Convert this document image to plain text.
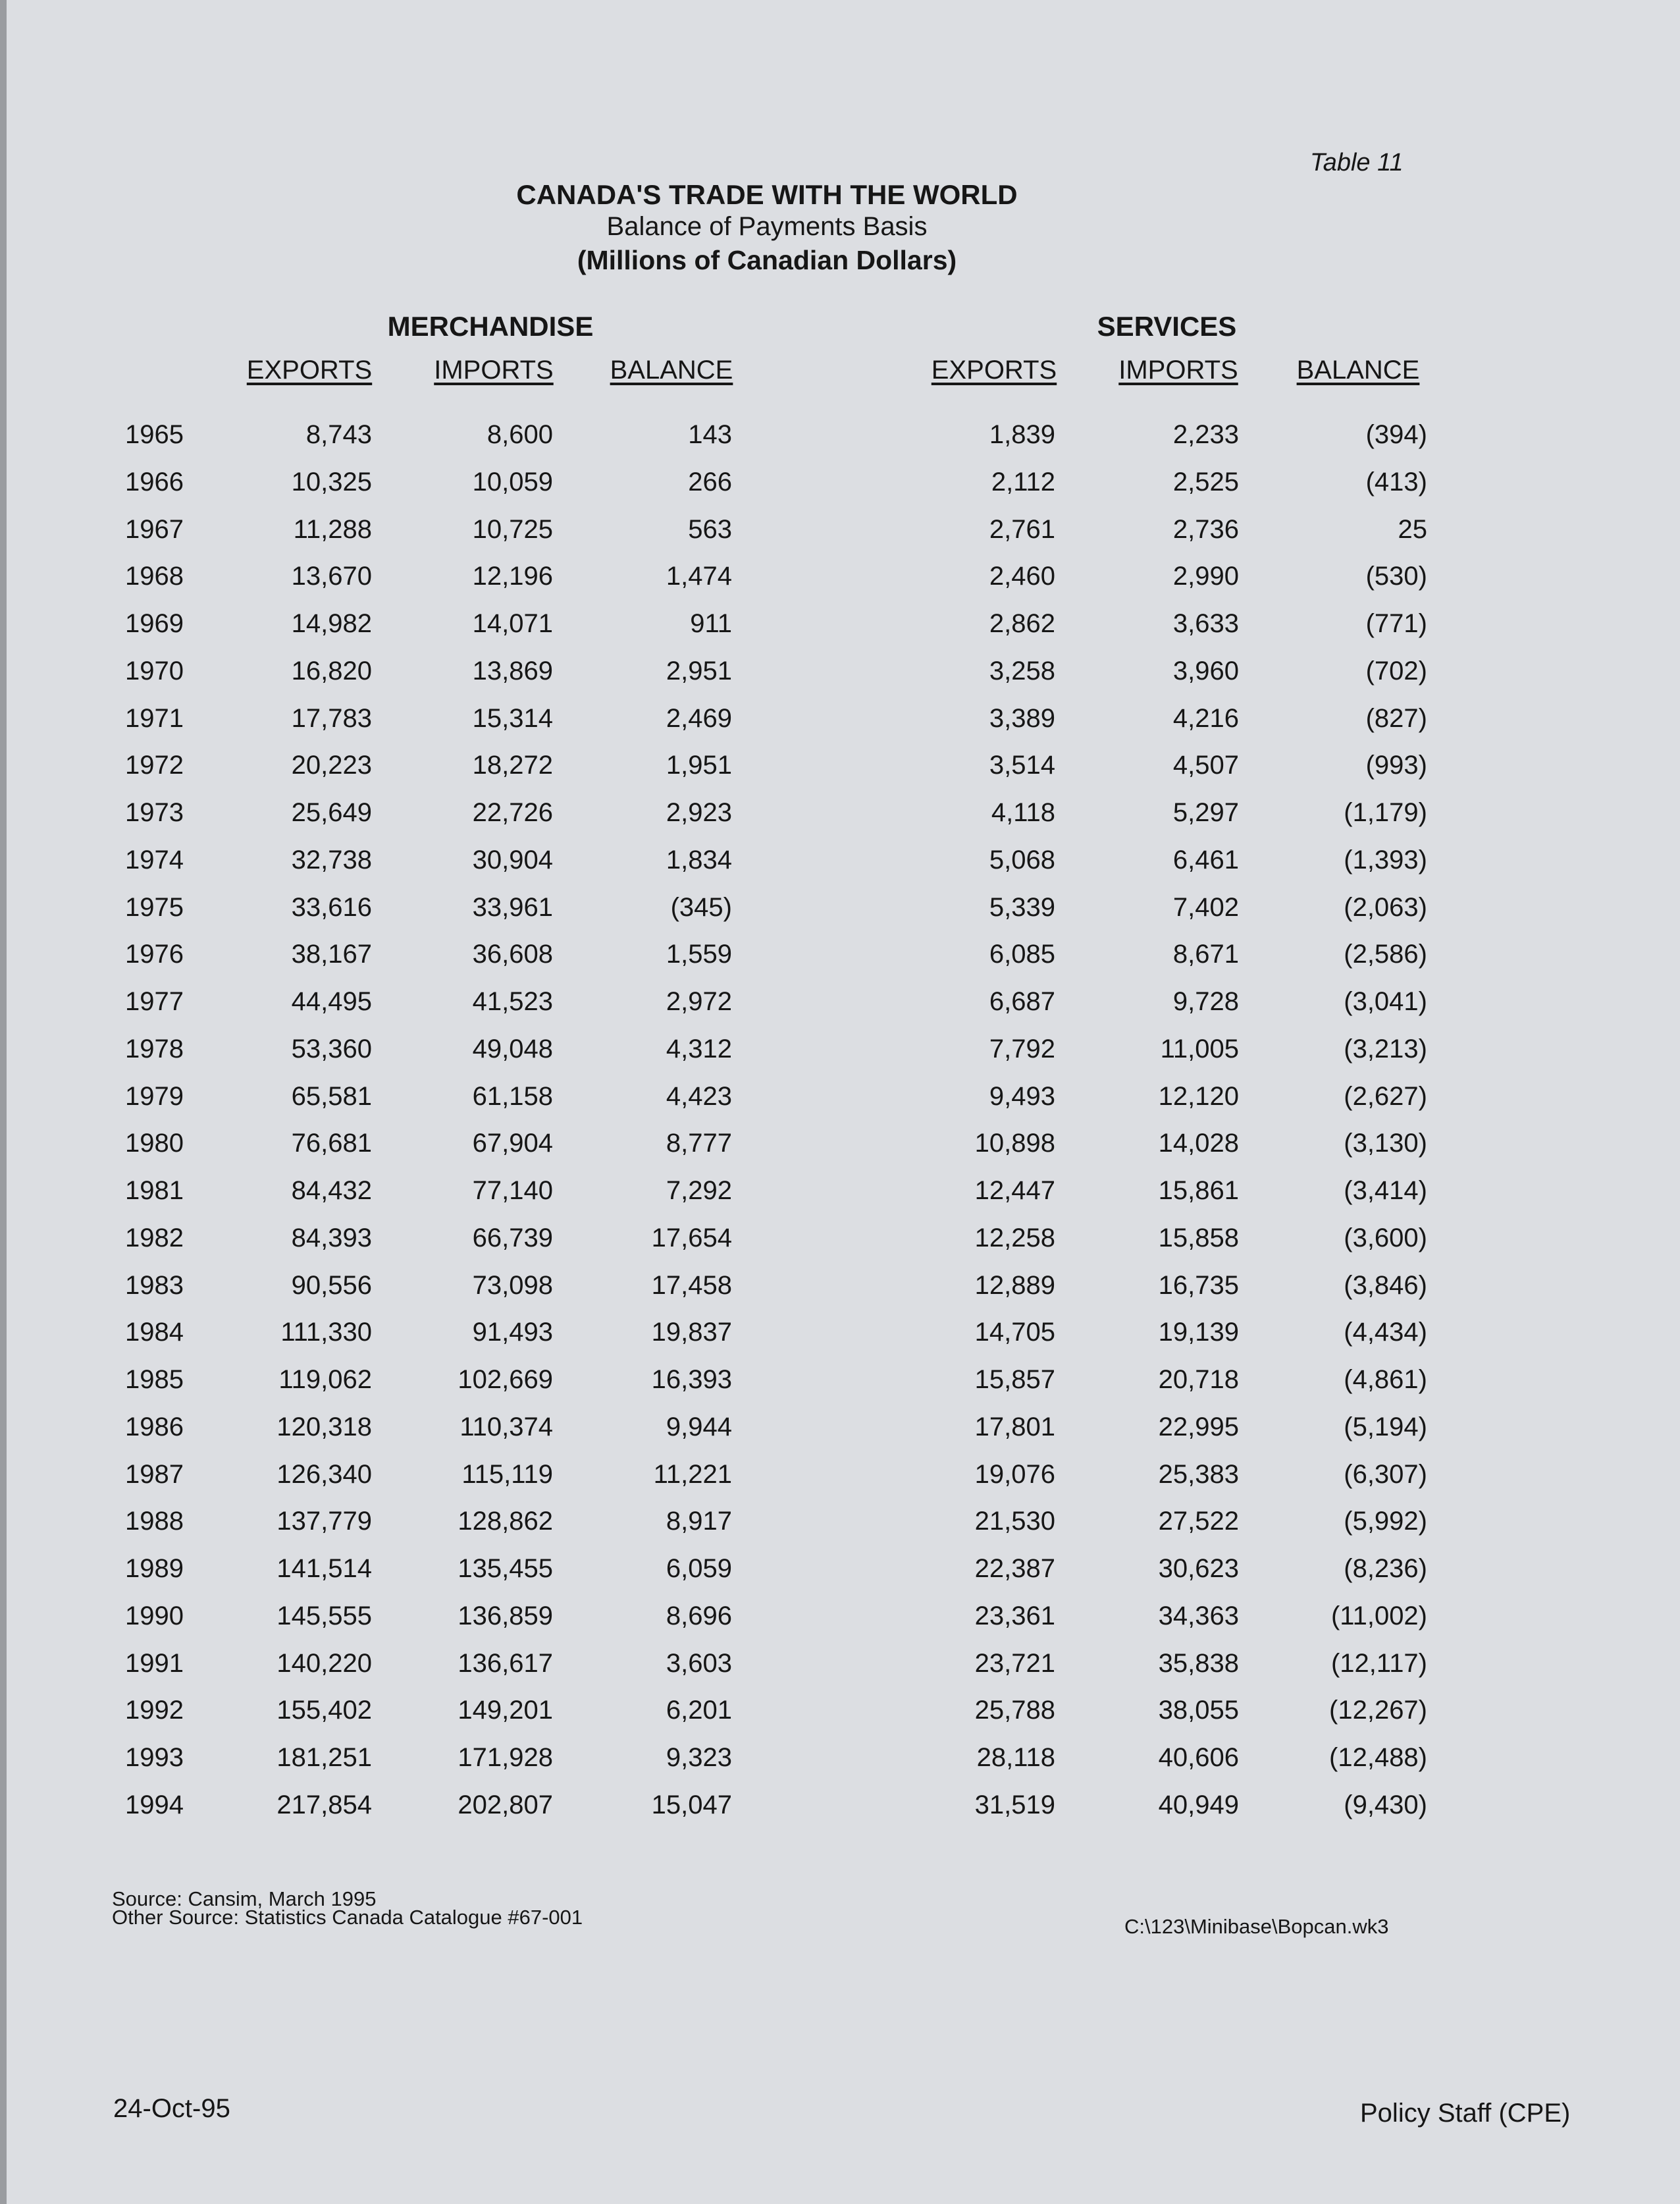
Table 11
CANADA'S TRADE WITH THE WORLD
Balance of Payments Basis
(Millions of Canadian Dollars)
MERCHANDISE	SERVICES
EXPORTS	IMPORTS	BALANCE	EXPORTS	IMPORTS	BALANCE
1965	8,743	8,600	143	1,839	2,233	(394)
1966	10,325	10,059	266	2,112	2,525	(413)
1967	11,288	10,725	563	2,761	2,736	25
1968	13,670	12,196	1,474	2,460	2,990	(530)
1969	14,982	14,071	911	2,862	3,633	(771)
1970	16,820	13,869	2,951	3,258	3,960	(702)
1971	17,783	15,314	2,469	3,389	4,216	(827)
1972	20,223	18,272	1,951	3,514	4,507	(993)
1973	25,649	22,726	2,923	4,118	5,297	(1,179)
1974	32,738	30,904	1,834	5,068	6,461	(1,393)
1975	33,616	33,961	(345)	5,339	7,402	(2,063)
1976	38,167	36,608	1,559	6,085	8,671	(2,586)
1977	44,495	41,523	2,972	6,687	9,728	(3,041)
1978	53,360	49,048	4,312	7,792	11,005	(3,213)
1979	65,581	61,158	4,423	9,493	12,120	(2,627)
1980	76,681	67,904	8,777	10,898	14,028	(3,130)
1981	84,432	77,140	7,292	12,447	15,861	(3,414)
1982	84,393	66,739	17,654	12,258	15,858	(3,600)
1983	90,556	73,098	17,458	12,889	16,735	(3,846)
1984	111,330	91,493	19,837	14,705	19,139	(4,434)
1985	119,062	102,669	16,393	15,857	20,718	(4,861)
1986	120,318	110,374	9,944	17,801	22,995	(5,194)
1987	126,340	115,119	11,221	19,076	25,383	(6,307)
1988	137,779	128,862	8,917	21,530	27,522	(5,992)
1989	141,514	135,455	6,059	22,387	30,623	(8,236)
1990	145,555	136,859	8,696	23,361	34,363	(11,002)
1991	140,220	136,617	3,603	23,721	35,838	(12,117)
1992	155,402	149,201	6,201	25,788	38,055	(12,267)
1993	181,251	171,928	9,323	28,118	40,606	(12,488)
1994	217,854	202,807	15,047	31,519	40,949	(9,430)
Source: Cansim, March 1995
Other Source: Statistics Canada Catalogue #67-001	C:\123\Minibase\Bopcan.wk3
24-Oct-95	Policy Staff (CPE)
